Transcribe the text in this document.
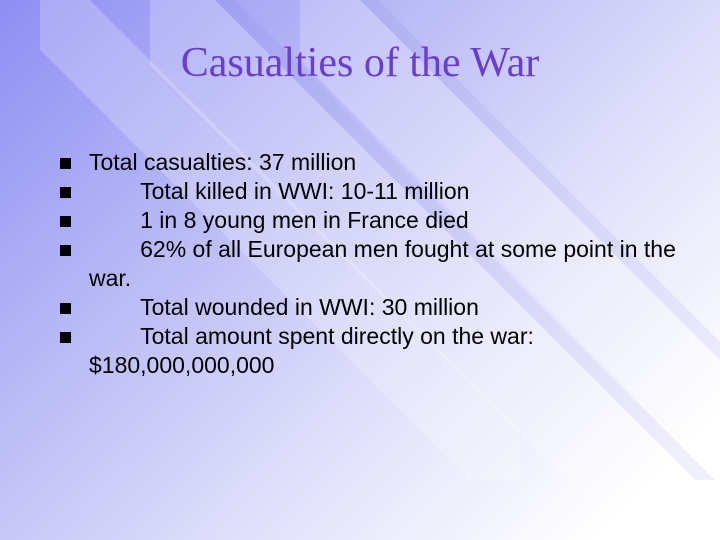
Casualties of the War
Total casualties: 37 million
Total killed in WWI: 10-11 million
1 in 8 young men in France died
62% of all European men fought at some point in the war.
Total wounded in WWI: 30 million
Total amount spent directly on the war: $180,000,000,000
